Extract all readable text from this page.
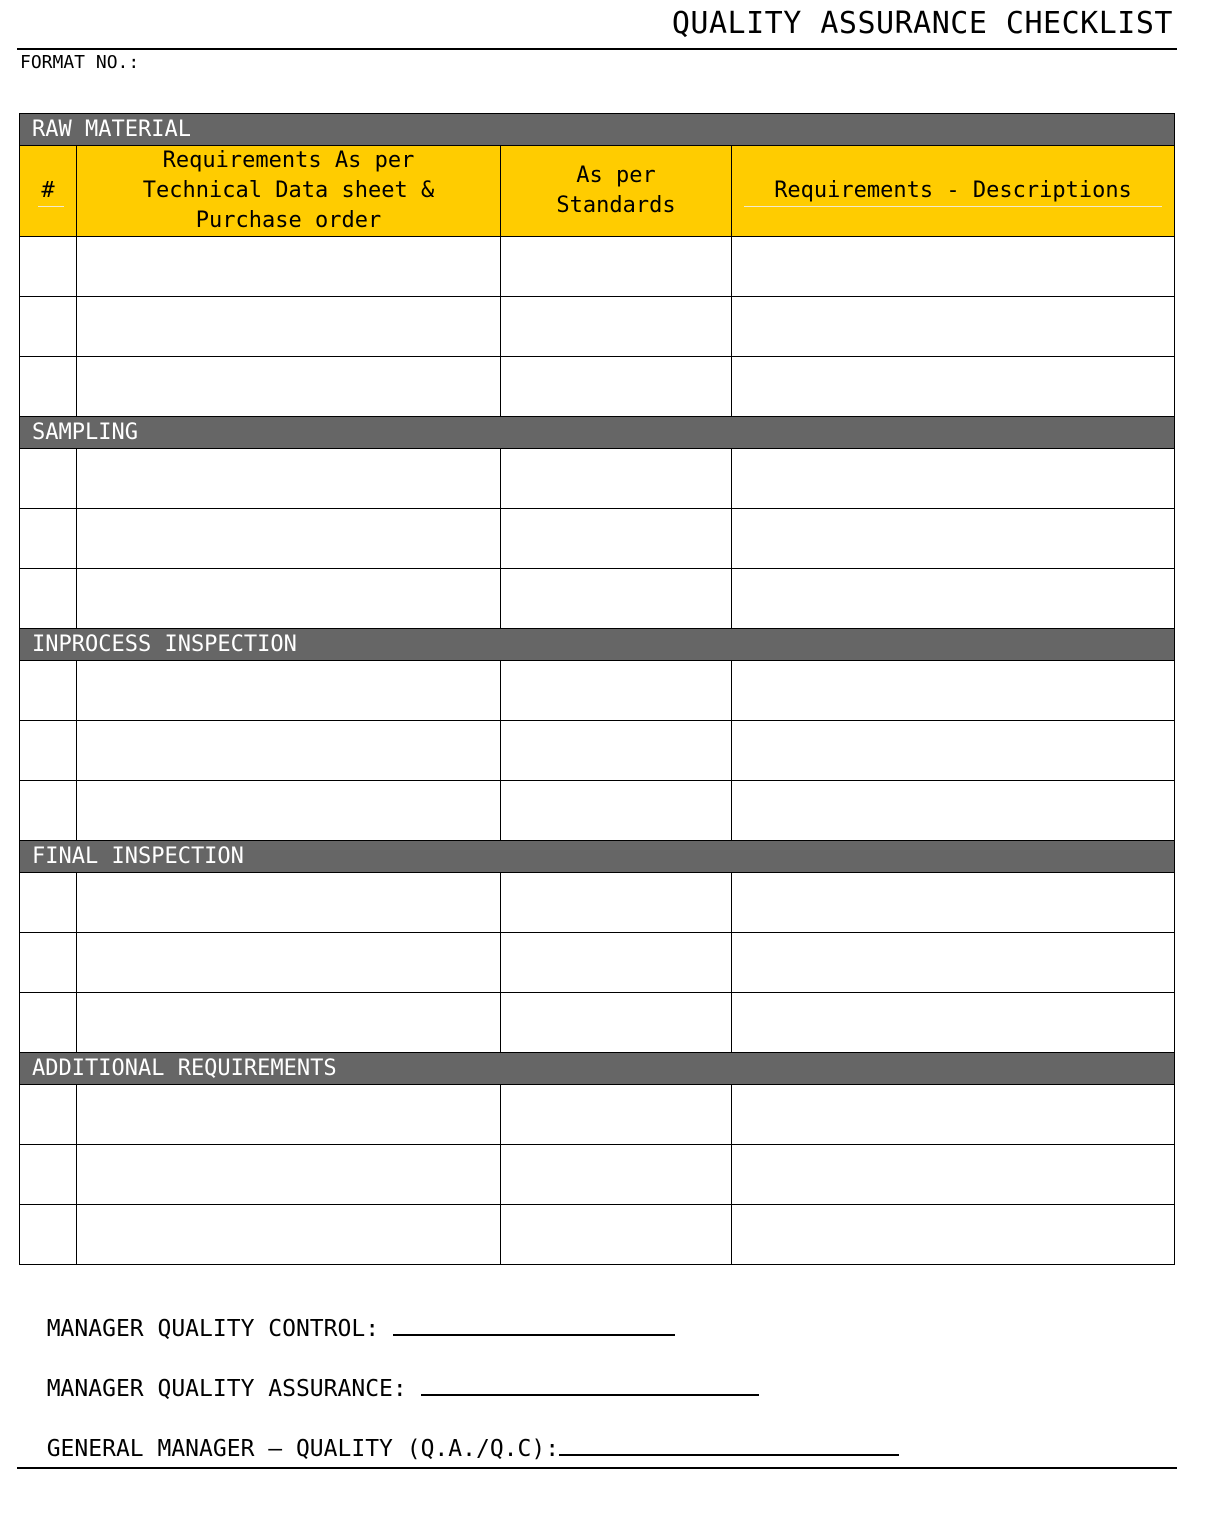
QUALITY ASSURANCE CHECKLIST
FORMAT NO.:
RAW MATERIAL			
#	Requirements As per Technical Data sheet & Purchase order	As per Standards	Requirements - Descriptions

SAMPLING			

INPROCESS INSPECTION			

FINAL INSPECTION			

ADDITIONAL REQUIREMENTS			

MANAGER QUALITY CONTROL:

MANAGER QUALITY ASSURANCE:

GENERAL MANAGER – QUALITY (Q.A./Q.C):
